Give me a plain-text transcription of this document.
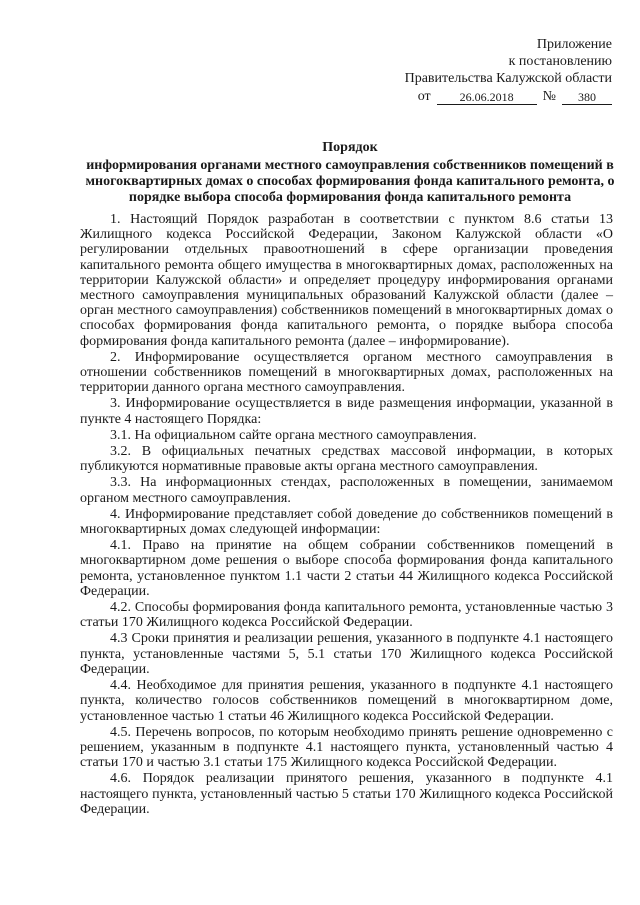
Приложение
к постановлению
Правительства Калужской области
от	26.06.2018	№	380
Порядок
информирования органами местного самоуправления собственников помещений в многоквартирных домах о способах формирования фонда капитального ремонта, о порядке выбора способа формирования фонда капитального ремонта

1. Настоящий Порядок разработан в соответствии с пунктом 8.6 статьи 13 Жилищного кодекса Российской Федерации, Законом Калужской области «О регулировании отдельных правоотношений в сфере организации проведения капитального ремонта общего имущества в многоквартирных домах, расположенных на территории Калужской области» и определяет процедуру информирования органами местного самоуправления муниципальных образований Калужской области (далее – орган местного самоуправления) собственников помещений в многоквартирных домах о способах формирования фонда капитального ремонта, о порядке выбора способа формирования фонда капитального ремонта (далее – информирование).

2. Информирование осуществляется органом местного самоуправления в отношении собственников помещений в многоквартирных домах, расположенных на территории данного органа местного самоуправления.

3. Информирование осуществляется в виде размещения информации, указанной в пункте 4 настоящего Порядка:

3.1. На официальном сайте органа местного самоуправления.

3.2. В официальных печатных средствах массовой информации, в которых публикуются нормативные правовые акты органа местного самоуправления.

3.3. На информационных стендах, расположенных в помещении, занимаемом органом местного самоуправления.

4. Информирование представляет собой доведение до собственников помещений в многоквартирных домах следующей информации:

4.1. Право на принятие на общем собрании собственников помещений в многоквартирном доме решения о выборе способа формирования фонда капитального ремонта, установленное пунктом 1.1 части 2 статьи 44 Жилищного кодекса Российской Федерации.

4.2. Способы формирования фонда капитального ремонта, установленные частью 3 статьи 170 Жилищного кодекса Российской Федерации.

4.3 Сроки принятия и реализации решения, указанного в подпункте 4.1 настоящего пункта, установленные частями 5, 5.1 статьи 170 Жилищного кодекса Российской Федерации.

4.4. Необходимое для принятия решения, указанного в подпункте 4.1 настоящего пункта, количество голосов собственников помещений в многоквартирном доме, установленное частью 1 статьи 46 Жилищного кодекса Российской Федерации.

4.5. Перечень вопросов, по которым необходимо принять решение одновременно с решением, указанным в подпункте 4.1 настоящего пункта, установленный частью 4 статьи 170 и частью 3.1 статьи 175 Жилищного кодекса Российской Федерации.

4.6. Порядок реализации принятого решения, указанного в подпункте 4.1 настоящего пункта, установленный частью 5 статьи 170 Жилищного кодекса Российской Федерации.
